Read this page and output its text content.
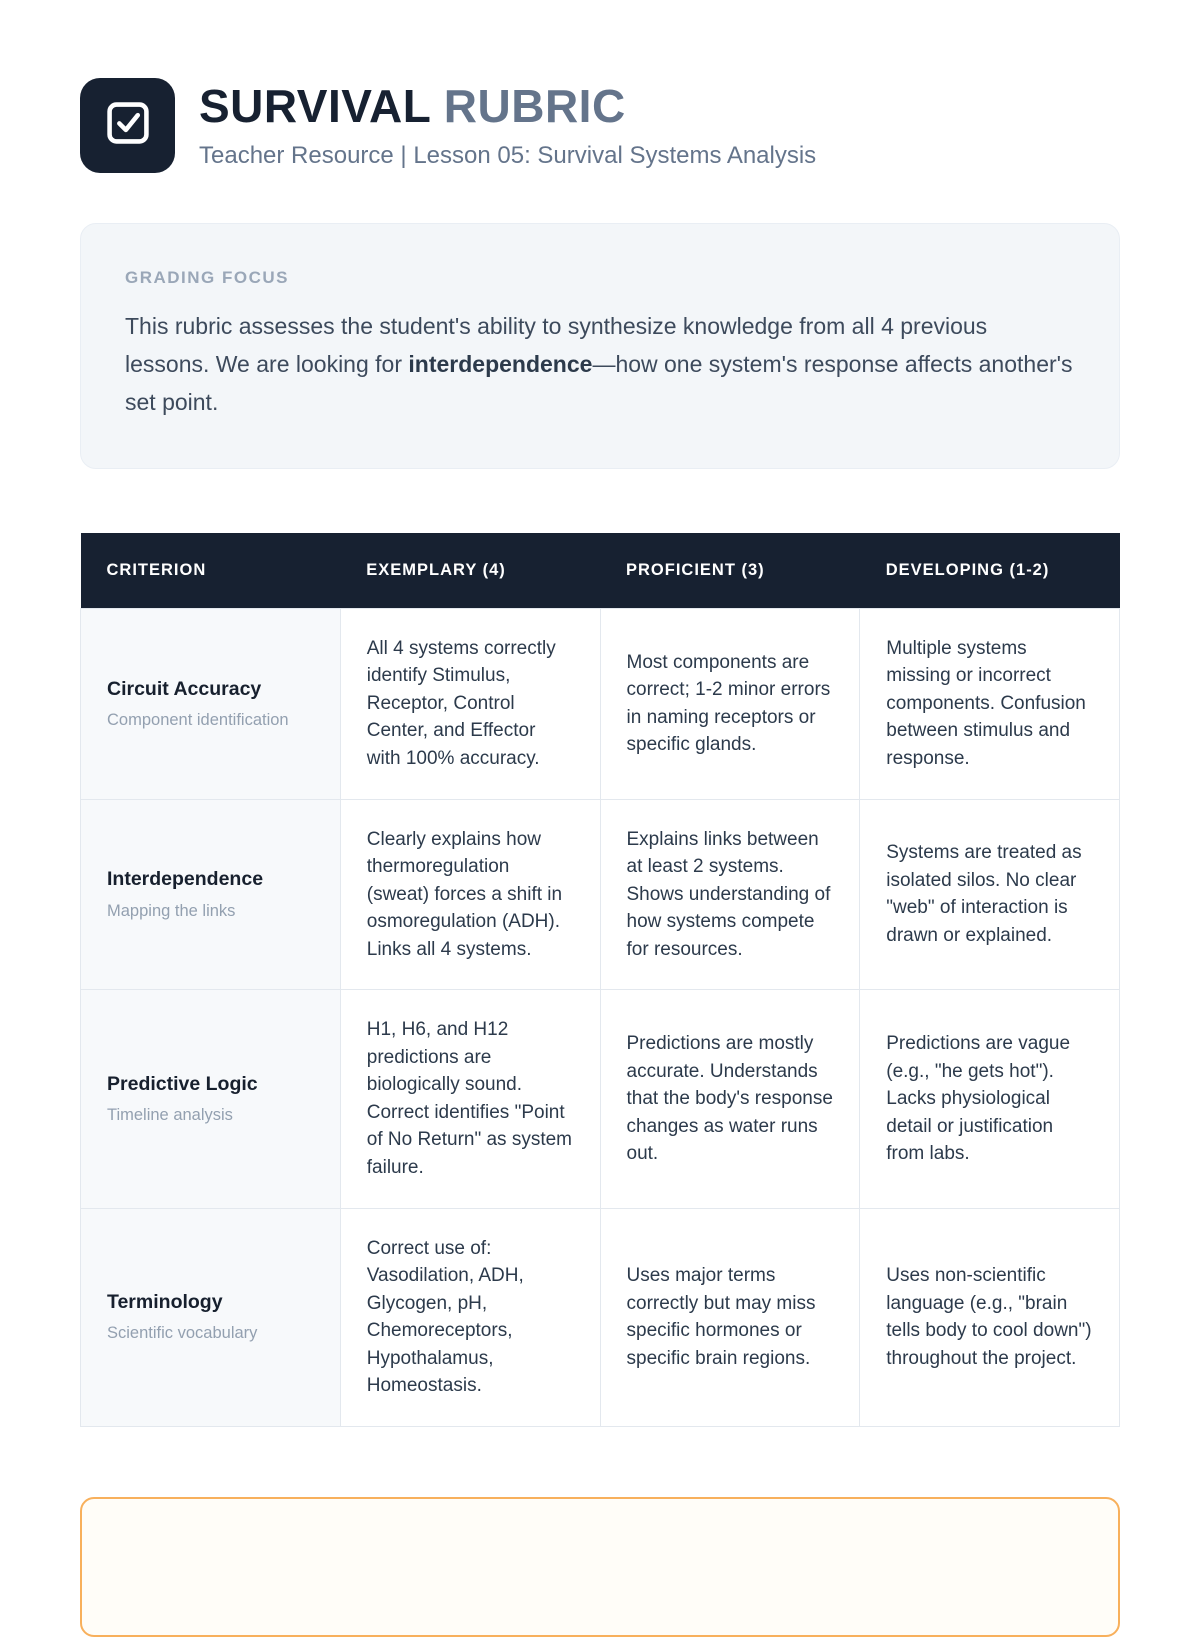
SURVIVAL RUBRIC
Teacher Resource | Lesson 05: Survival Systems Analysis
GRADING FOCUS
This rubric assesses the student's ability to synthesize knowledge from all 4 previous lessons. We are looking for interdependence—how one system's response affects another's set point.
CRITERION	EXEMPLARY (4)	PROFICIENT (3)	DEVELOPING (1-2)

Circuit Accuracy
Component identification	All 4 systems correctly identify Stimulus, Receptor, Control Center, and Effector with 100% accuracy.	Most components are correct; 1-2 minor errors in naming receptors or specific glands.	Multiple systems missing or incorrect components. Confusion between stimulus and response.

Interdependence
Mapping the links	Clearly explains how thermoregulation (sweat) forces a shift in osmoregulation (ADH). Links all 4 systems.	Explains links between at least 2 systems. Shows understanding of how systems compete for resources.	Systems are treated as isolated silos. No clear "web" of interaction is drawn or explained.

Predictive Logic
Timeline analysis	H1, H6, and H12 predictions are biologically sound. Correct identifies "Point of No Return" as system failure.	Predictions are mostly accurate. Understands that the body's response changes as water runs out.	Predictions are vague (e.g., "he gets hot"). Lacks physiological detail or justification from labs.

Terminology
Scientific vocabulary	Correct use of: Vasodilation, ADH, Glycogen, pH, Chemoreceptors, Hypothalamus, Homeostasis.	Uses major terms correctly but may miss specific hormones or specific brain regions.	Uses non-scientific language (e.g., "brain tells body to cool down") throughout the project.
